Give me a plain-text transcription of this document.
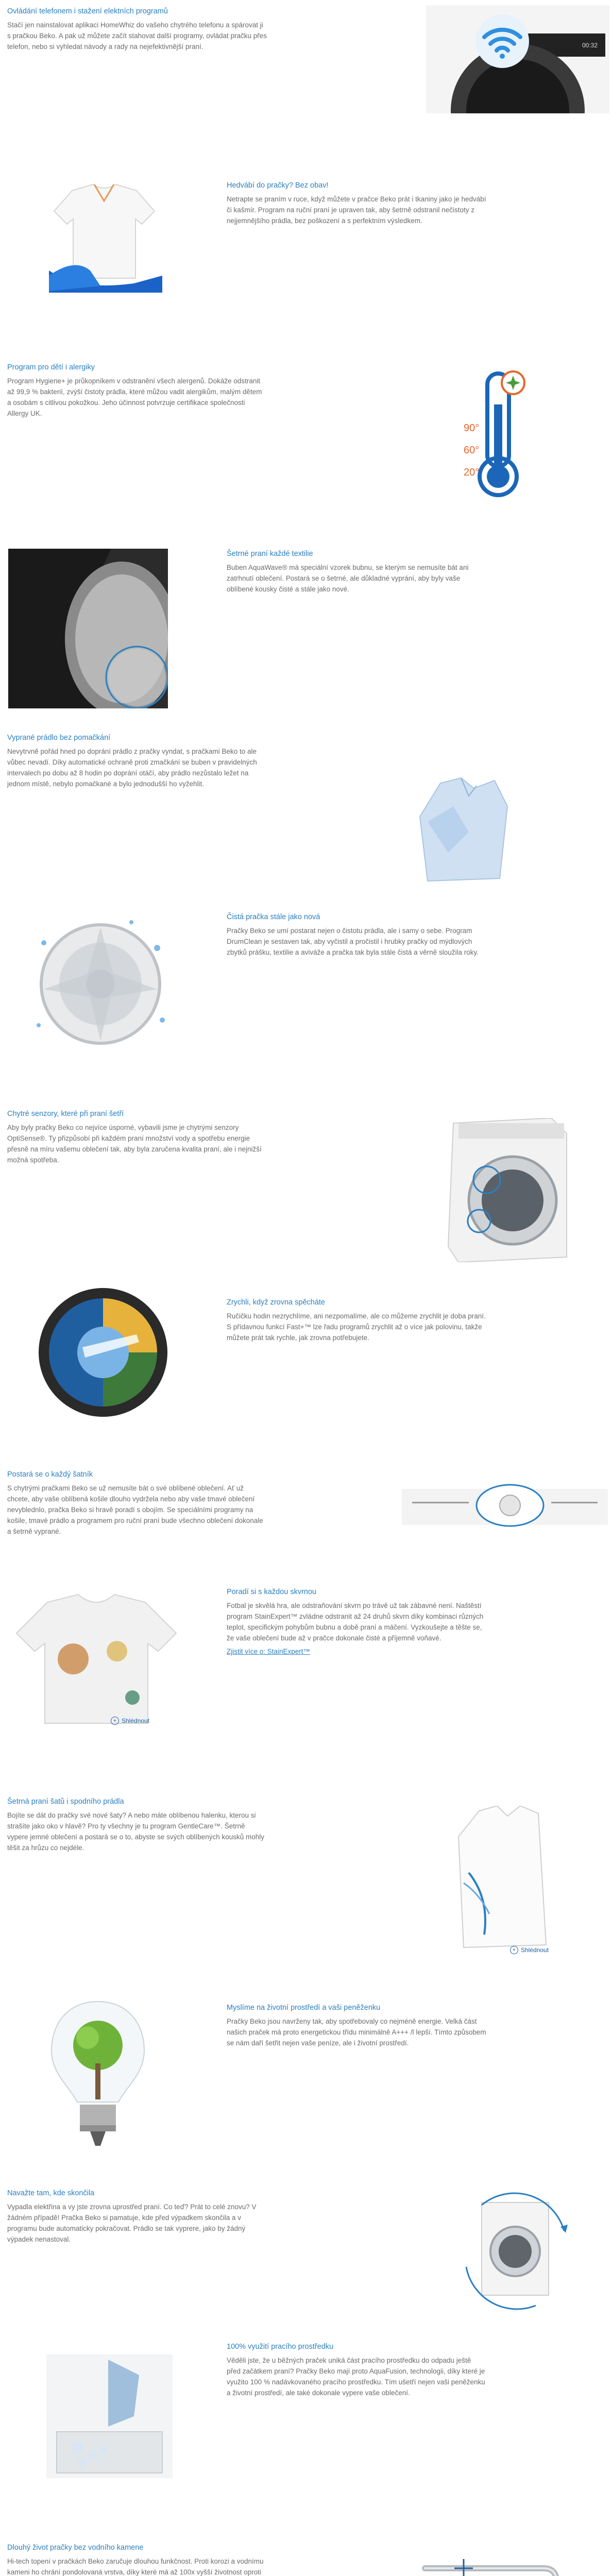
Ovládání telefonem i stažení elektních programů

Stačí jen nainstalovat aplikaci HomeWhiz do vašeho chytrého telefonu a spárovat ji s pračkou Beko. A pak už můžete začít stahovat další programy, ovládat pračku přes telefon, nebo si vyhledat návody a rady na nejefektivnější praní.	00:32
Hedvábí do pračky? Bez obav!

Netrapte se praním v ruce, když můžete v pračce Beko prát i tkaniny jako je hedvábí či kašmír. Program na ruční praní je upraven tak, aby šetrně odstranil nečistoty z nejjemnějšího prádla, bez poškození a s perfektním výsledkem.

Program pro dětí i alergiky

Program Hygiene+ je průkopníkem v odstranění všech alergenů. Dokáže odstranit až 99,9 % bakterií, zvýší čistoty prádla, které můžou vadit alergikům, malým dětem a osobám s citlivou pokožkou. Jeho účinnost potvrzuje certifikace společnosti Allergy UK.

90°
60°
20°
Šetrné praní každé textilie

Buben AquaWave® má speciální vzorek bubnu, se kterým se nemusíte bát ani zatrhnutí oblečení. Postará se o šetrné, ale důkladné vyprání, aby byly vaše oblíbené kousky čisté a stále jako nové.

Vyprané prádlo bez pomačkání

Nevytrvně pořád hned po doprání prádlo z pračky vyndat, s pračkami Beko to ale vůbec nevadí. Díky automatické ochraně proti zmačkání se buben v pravidelných intervalech po dobu až 8 hodin po doprání otáčí, aby prádlo nezůstalo ležet na jednom místě, nebylo pomačkané a bylo jednodušší ho vyžehlit.

Čistá pračka stále jako nová

Pračky Beko se umí postarat nejen o čistotu prádla, ale i samy o sebe. Program DrumClean je sestaven tak, aby vyčistil a pročistil i hrubky pračky od mýdlových zbytků prášku, textilie a aviváže a pračka tak byla stále čistá a věrně sloužila roky.

Chytré senzory, které při praní šetří

Aby byly pračky Beko co nejvíce úsporné, vybavili jsme je chytrými senzory OptiSense®. Ty přizpůsobí při každém praní množství vody a spotřebu energie přesně na míru vašemu oblečení tak, aby byla zaručena kvalita praní, ale i nejnižší možná spotřeba.

Zrychli, když zrovna spěcháte

Ručičku hodin nezrychlíme, ani nezpomalíme, ale co můžeme zrychlit je doba praní. S přídavnou funkcí Fast+™ lze řadu programů zrychlit až o více jak polovinu, takže můžete prát tak rychle, jak zrovna potřebujete.

Postará se o každý šatník

S chytrými pračkami Beko se už nemusíte bát o své oblíbené oblečení. Ať už chcete, aby vaše oblíbená košile dlouho vydržela nebo aby vaše tmavé oblečení nevyblednlo, pračka Beko si hravě poradí s obojím. Se speciálními programy na košile, tmavé prádlo a programem pro ruční praní bude všechno oblečení dokonale a šetrně vyprané.

+ Shlédnout
Poradí si s každou skvrnou

Fotbal je skvělá hra, ale odstraňování skvrn po trávě už tak zábavné není. Naštěstí program StainExpert™ zvládne odstranit až 24 druhů skvrn díky kombinaci různých teplot, specifickým pohybům bubnu a době praní a máčení. Vyzkoušejte a těšte se, že vaše oblečení bude až v pračce dokonale čisté a příjemně voňavé.

Zjistit více o: StainExpert™
Šetrná praní šatů i spodního prádla

Bojíte se dát do pračky své nové šaty? A nebo máte oblíbenou halenku, kterou si strašíte jako oko v hlavě? Pro ty všechny je tu program GentleCare™. Šetrně vypere jemné oblečení a postará se o to, abyste se svých oblíbených kousků mohly těšit za hrůzu co nejdéle.

+ Shlédnout
Myslíme na životní prostředí a vaši peněženku

Pračky Beko jsou navrženy tak, aby spotřebovaly co nejméně energie. Velká část našich praček má proto energetickou třídu minimálně A+++ /l lepší. Tímto způsobem se nám daří šetřit nejen vaše peníze, ale i životní prostředí.

Navažte tam, kde skončila

Vypadla elektřina a vy jste zrovna uprostřed praní. Co teď? Prát to celé znovu? V žádném případě! Pračka Beko si pamatuje, kde před výpadkem skončila a v programu bude automaticky pokračovat. Prádlo se tak vyprere, jako by žádný výpadek nenastoval.

100% využití pracího prostředku

Věděli jste, že u běžných praček uniká část pracího prostředku do odpadu ještě před začátkem praní? Pračky Beko mají proto AquaFusion, technologii, díky které je využito 100 % nadávkovaného pracího prostředku. Tím ušetří nejen vaši peněženku a životní prostředí, ale také dokonale vypere vaše oblečení.

Dlouhý život pračky bez vodního kamene

Hi-tech topení v pračkách Beko zaručuje dlouhou funkčnost. Proti korozi a vodnímu kameni ho chrání pondolovaná vrstva, díky které má až 100x vyšší životnost oproti
